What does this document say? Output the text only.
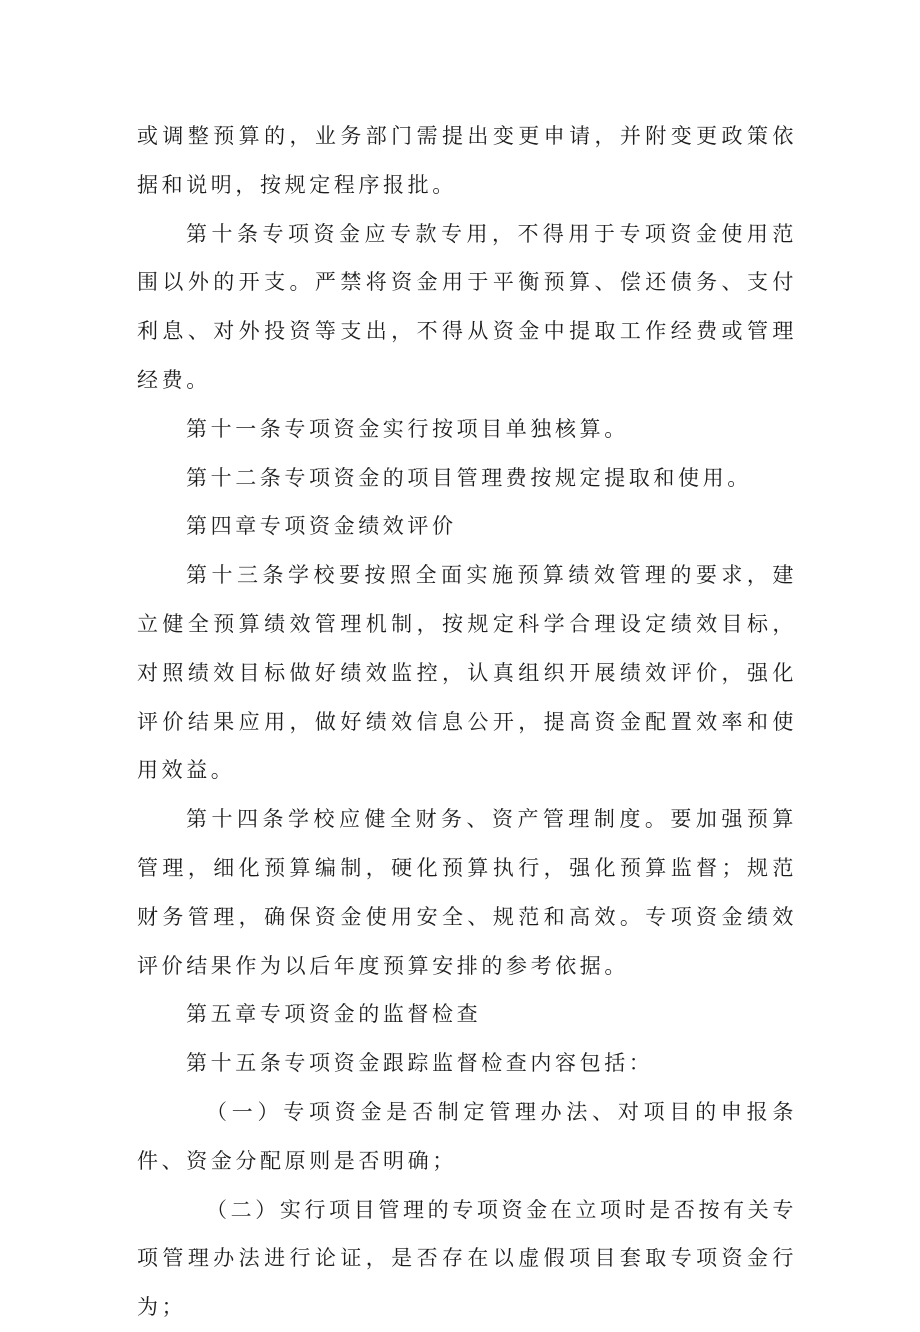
或调整预算的，业务部门需提出变更申请，并附变更政策依据和说明，按规定程序报批。

第十条专项资金应专款专用，不得用于专项资金使用范围以外的开支。严禁将资金用于平衡预算、偿还债务、支付利息、对外投资等支出，不得从资金中提取工作经费或管理经费。

第十一条专项资金实行按项目单独核算。

第十二条专项资金的项目管理费按规定提取和使用。

第四章专项资金绩效评价

第十三条学校要按照全面实施预算绩效管理的要求，建立健全预算绩效管理机制，按规定科学合理设定绩效目标，对照绩效目标做好绩效监控，认真组织开展绩效评价，强化评价结果应用，做好绩效信息公开，提高资金配置效率和使用效益。

第十四条学校应健全财务、资产管理制度。要加强预算管理，细化预算编制，硬化预算执行，强化预算监督；规范财务管理，确保资金使用安全、规范和高效。专项资金绩效评价结果作为以后年度预算安排的参考依据。

第五章专项资金的监督检查

第十五条专项资金跟踪监督检查内容包括：

（一）专项资金是否制定管理办法、对项目的申报条件、资金分配原则是否明确；

（二）实行项目管理的专项资金在立项时是否按有关专项管理办法进行论证，是否存在以虚假项目套取专项资金行为；
